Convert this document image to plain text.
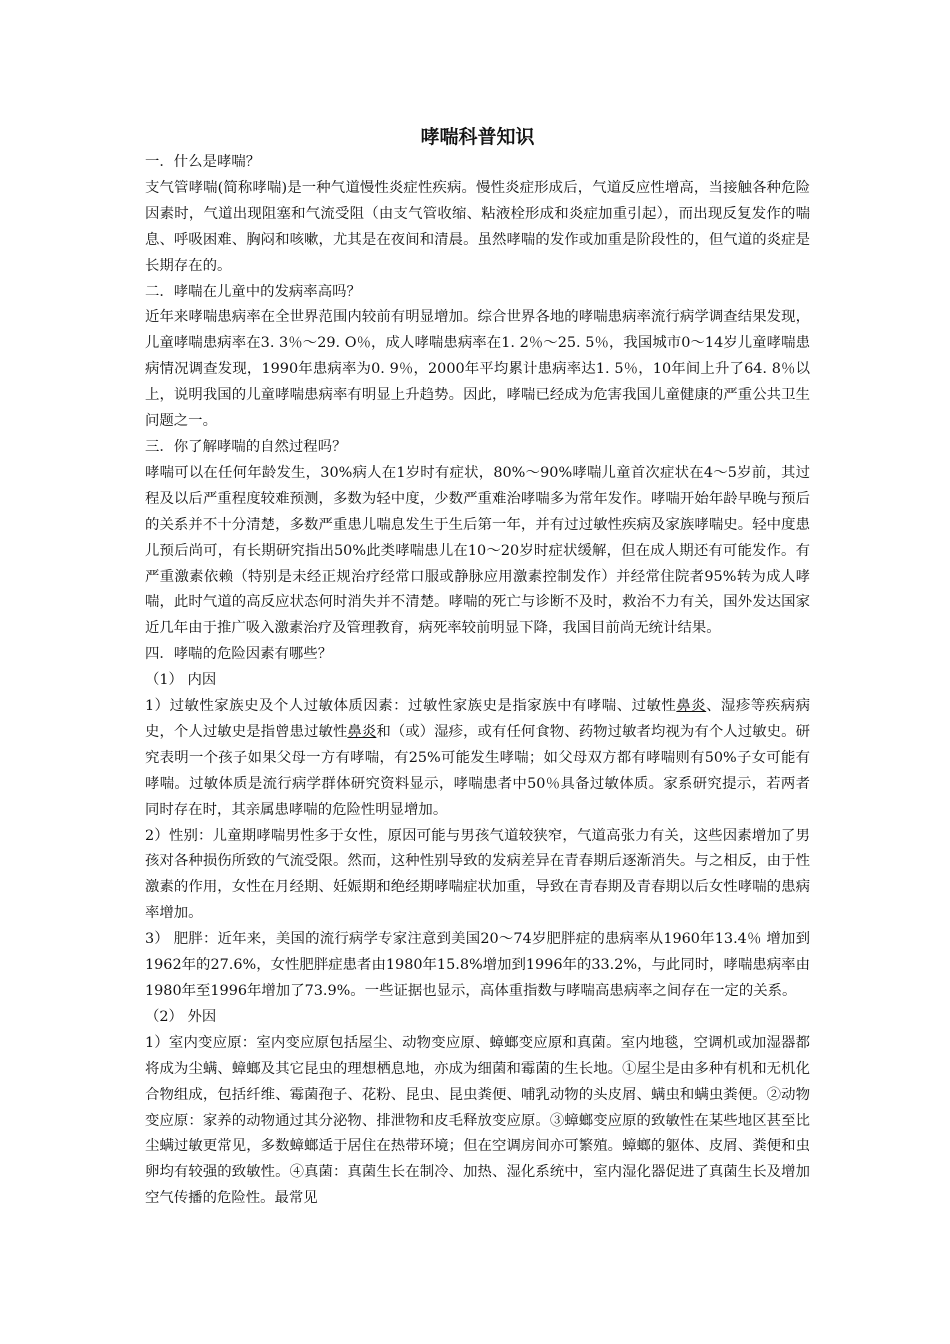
哮喘科普知识
一．什么是哮喘？
支气管哮喘(简称哮喘)是一种气道慢性炎症性疾病。慢性炎症形成后，气道反应性增高，当接触各种危险因素时，气道出现阻塞和气流受阻（由支气管收缩、粘液栓形成和炎症加重引起），而出现反复发作的喘息、呼吸困难、胸闷和咳嗽，尤其是在夜间和清晨。虽然哮喘的发作或加重是阶段性的，但气道的炎症是长期存在的。
二．哮喘在儿童中的发病率高吗？
近年来哮喘患病率在全世界范围内较前有明显增加。综合世界各地的哮喘患病率流行病学调查结果发现，儿童哮喘患病率在3. 3％～29. O％，成人哮喘患病率在1. 2％～25. 5％，我国城市0～14岁儿童哮喘患病情况调查发现，1990年患病率为0. 9％，2000年平均累计患病率达1. 5％，10年间上升了64. 8％以上，说明我国的儿童哮喘患病率有明显上升趋势。因此，哮喘已经成为危害我国儿童健康的严重公共卫生问题之一。
三．你了解哮喘的自然过程吗？
哮喘可以在任何年龄发生，30%病人在1岁时有症状，80%～90%哮喘儿童首次症状在4～5岁前，其过程及以后严重程度较难预测，多数为轻中度，少数严重难治哮喘多为常年发作。哮喘开始年龄早晚与预后的关系并不十分清楚，多数严重患儿喘息发生于生后第一年，并有过过敏性疾病及家族哮喘史。轻中度患儿预后尚可，有长期研究指出50%此类哮喘患儿在10～20岁时症状缓解，但在成人期还有可能发作。有严重激素依赖（特别是未经正规治疗经常口服或静脉应用激素控制发作）并经常住院者95%转为成人哮喘，此时气道的高反应状态何时消失并不清楚。哮喘的死亡与诊断不及时，救治不力有关，国外发达国家近几年由于推广吸入激素治疗及管理教育，病死率较前明显下降，我国目前尚无统计结果。
四．哮喘的危险因素有哪些？
（1） 内因
1）过敏性家族史及个人过敏体质因素：过敏性家族史是指家族中有哮喘、过敏性鼻炎、湿疹等疾病病史，个人过敏史是指曾患过敏性鼻炎和（或）湿疹，或有任何食物、药物过敏者均视为有个人过敏史。研究表明一个孩子如果父母一方有哮喘，有25%可能发生哮喘；如父母双方都有哮喘则有50%子女可能有哮喘。过敏体质是流行病学群体研究资料显示，哮喘患者中50％具备过敏体质。家系研究提示，若两者同时存在时，其亲属患哮喘的危险性明显增加。
2）性别：儿童期哮喘男性多于女性，原因可能与男孩气道较狭窄，气道高张力有关，这些因素增加了男孩对各种损伤所致的气流受限。然而，这种性别导致的发病差异在青春期后逐渐消失。与之相反，由于性激素的作用，女性在月经期、妊娠期和绝经期哮喘症状加重，导致在青春期及青春期以后女性哮喘的患病率增加。
3） 肥胖：近年来，美国的流行病学专家注意到美国20～74岁肥胖症的患病率从1960年13.4％ 增加到1962年的27.6%，女性肥胖症患者由1980年15.8%增加到1996年的33.2%，与此同时，哮喘患病率由1980年至1996年增加了73.9%。一些证据也显示，高体重指数与哮喘高患病率之间存在一定的关系。
（2） 外因
1）室内变应原：室内变应原包括屋尘、动物变应原、蟑螂变应原和真菌。室内地毯，空调机或加湿器都将成为尘螨、蟑螂及其它昆虫的理想栖息地，亦成为细菌和霉菌的生长地。①屋尘是由多种有机和无机化合物组成，包括纤维、霉菌孢子、花粉、昆虫、昆虫粪便、哺乳动物的头皮屑、螨虫和螨虫粪便。②动物变应原：家养的动物通过其分泌物、排泄物和皮毛释放变应原。③蟑螂变应原的致敏性在某些地区甚至比尘螨过敏更常见，多数蟑螂适于居住在热带环境；但在空调房间亦可繁殖。蟑螂的躯体、皮屑、粪便和虫卵均有较强的致敏性。④真菌：真菌生长在制冷、加热、湿化系统中，室内湿化器促进了真菌生长及增加空气传播的危险性。最常见
